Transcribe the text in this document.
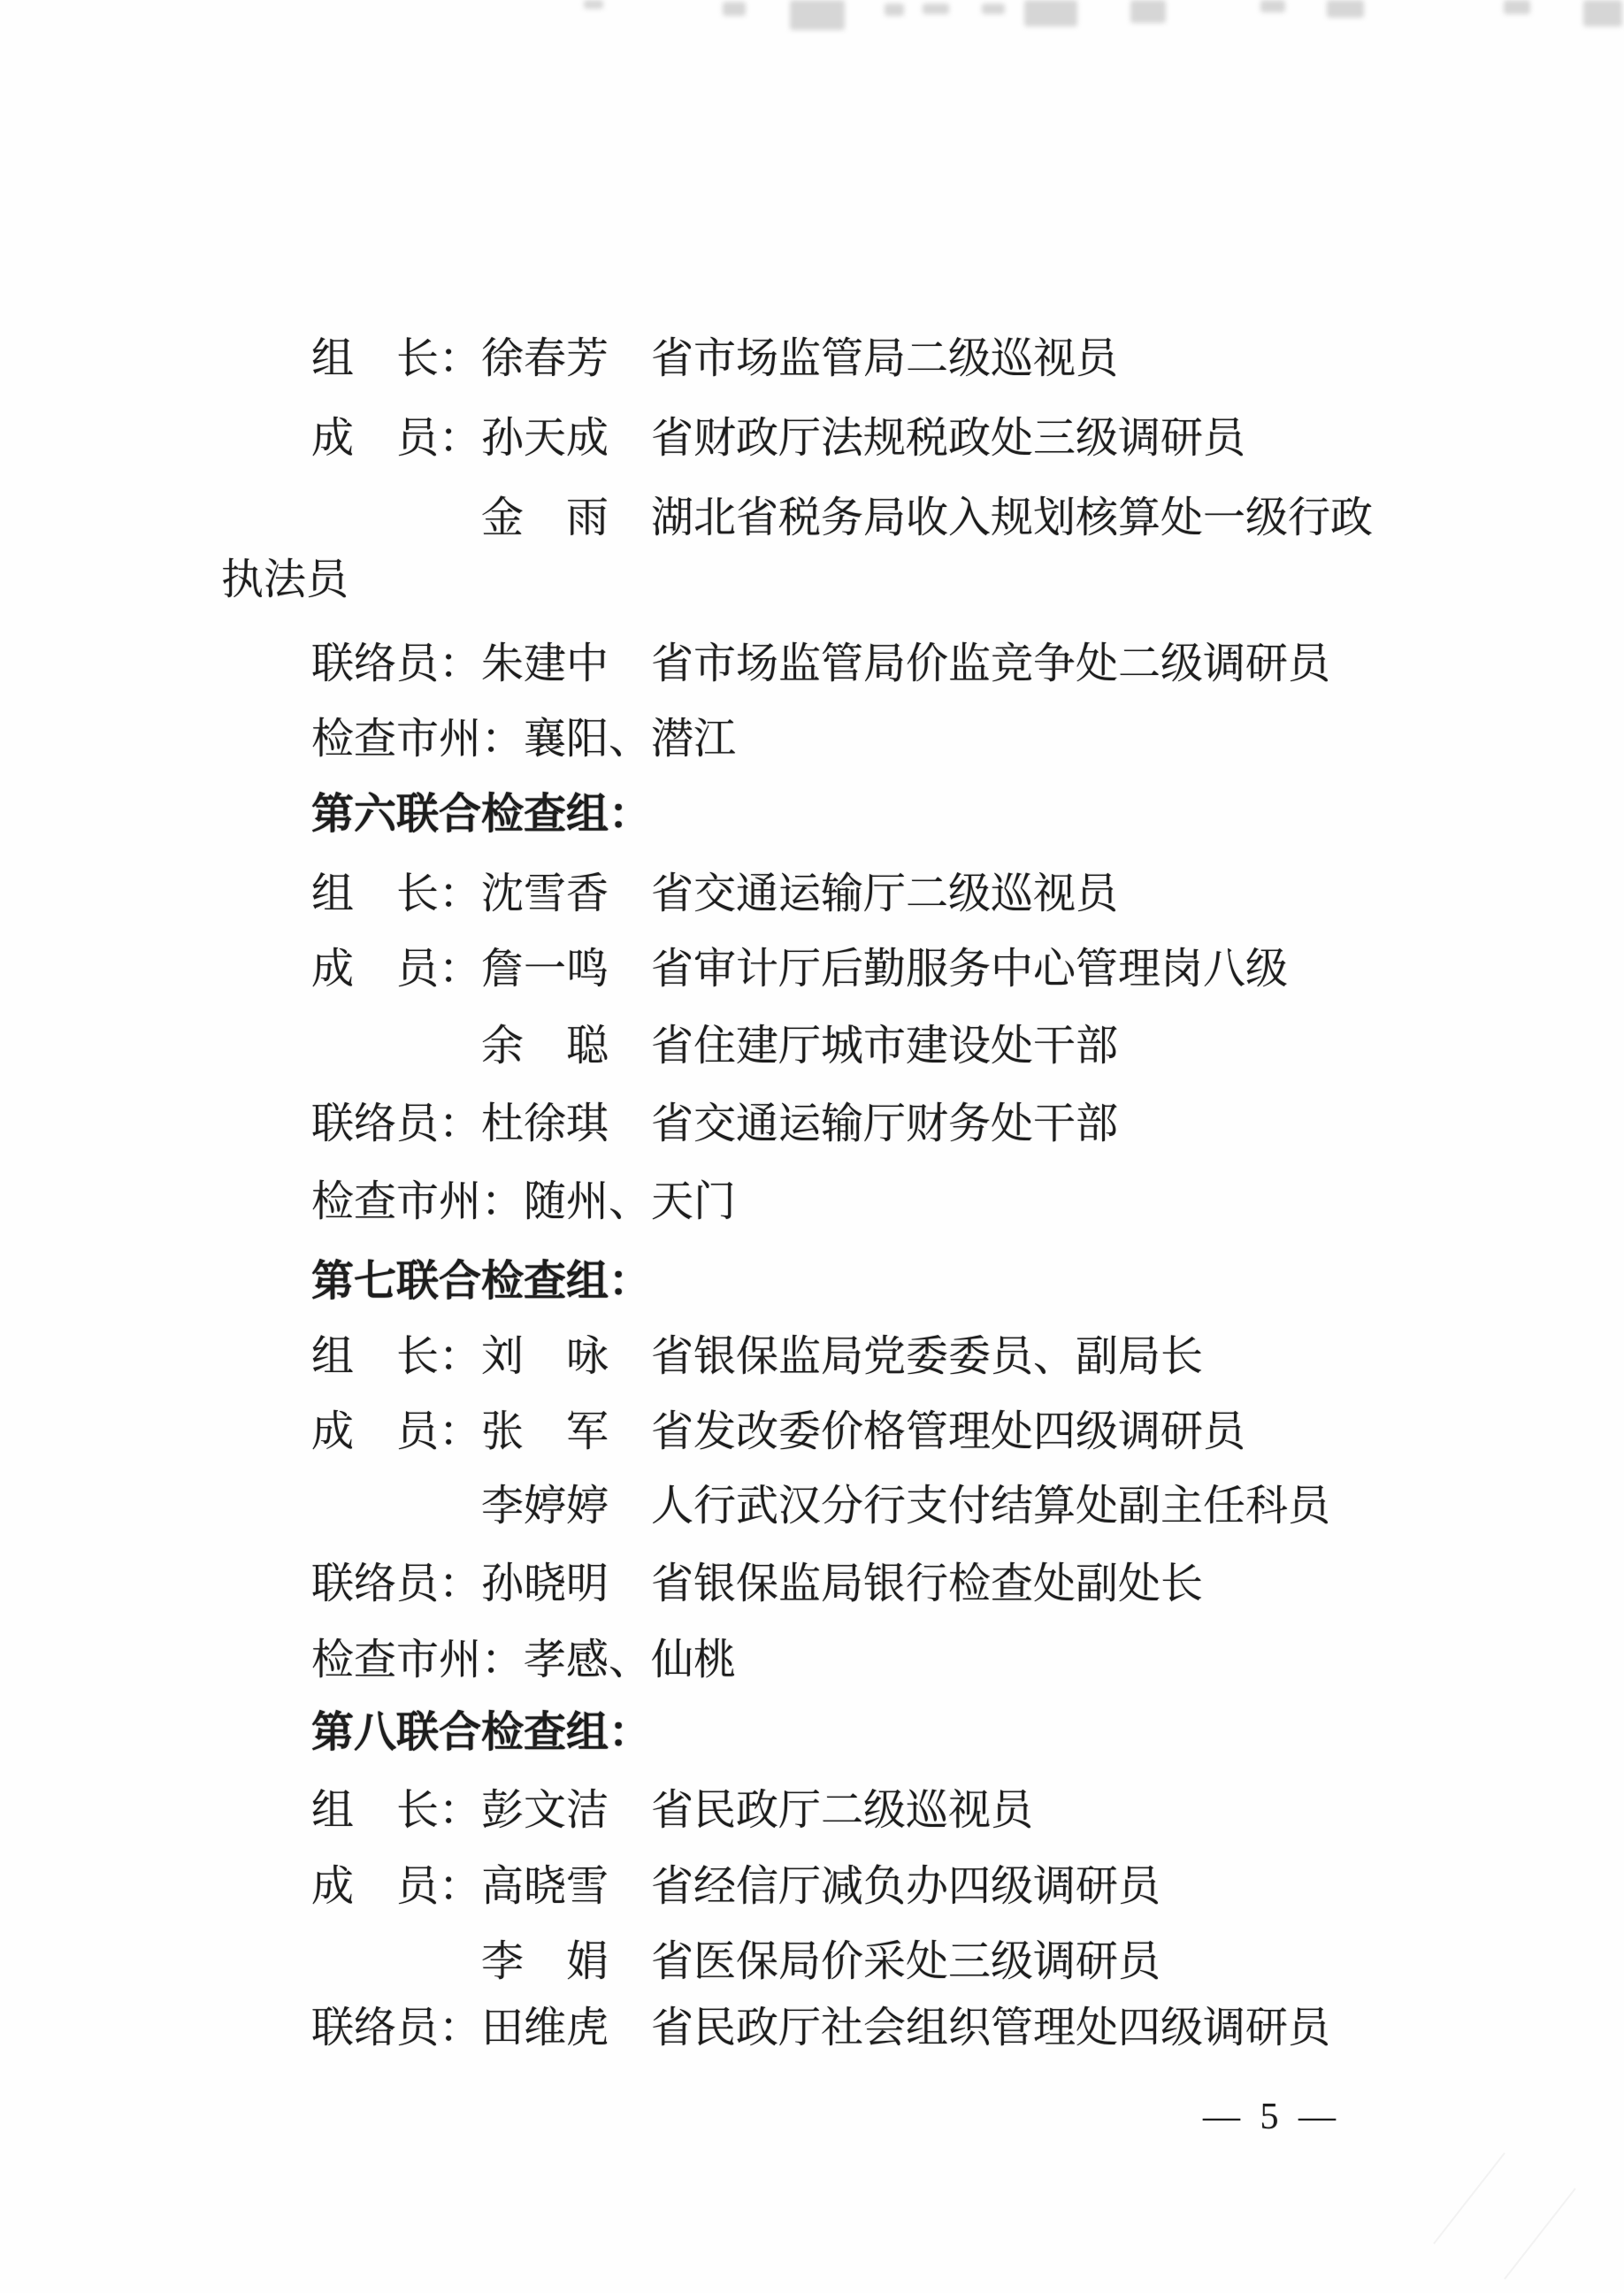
组　长：

徐春芳

省市场监管局二级巡视员

成　员：

孙天成

省财政厅法规税政处三级调研员

金　雨

湖北省税务局收入规划核算处一级行政

执法员

联络员：

朱建中

省市场监管局价监竞争处二级调研员

检查市州：襄阳、潜江

第六联合检查组：

组　长：

沈雪香

省交通运输厅二级巡视员

成　员：

詹一鸣

省审计厅后勤服务中心管理岗八级

余　聪

省住建厅城市建设处干部

联络员：

杜徐琪

省交通运输厅财务处干部

检查市州：随州、天门

第七联合检查组：

组　长：

刘　咏

省银保监局党委委员、副局长

成　员：

张　军

省发改委价格管理处四级调研员

李婷婷

人行武汉分行支付结算处副主任科员

联络员：

孙晓明

省银保监局银行检查处副处长

检查市州：孝感、仙桃

第八联合检查组：

组　长：

彭文洁

省民政厅二级巡视员

成　员：

高晓雪

省经信厅减负办四级调研员

李　娟

省医保局价采处三级调研员

联络员：

田维虎

省民政厅社会组织管理处四级调研员

— 5 —
